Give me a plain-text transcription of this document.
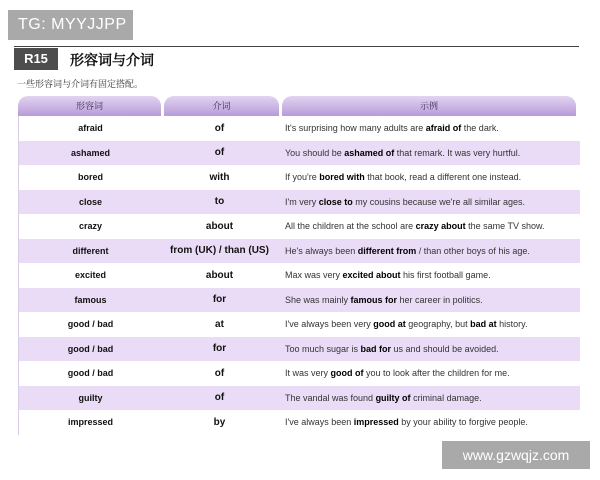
TG: MYYJJPP
R15	形容词与介词
一些形容词与介词有固定搭配。
形容词	介词	示例
afraid	of	It's surprising how many adults are afraid of the dark.
ashamed	of	You should be ashamed of that remark. It was very hurtful.
bored	with	If you're bored with that book, read a different one instead.
close	to	I'm very close to my cousins because we're all similar ages.
crazy	about	All the children at the school are crazy about the same TV show.
different	from (UK) / than (US)	He's always been different from / than other boys of his age.
excited	about	Max was very excited about his first football game.
famous	for	She was mainly famous for her career in politics.
good / bad	at	I've always been very good at geography, but bad at history.
good / bad	for	Too much sugar is bad for us and should be avoided.
good / bad	of	It was very good of you to look after the children for me.
guilty	of	The vandal was found guilty of criminal damage.
impressed	by	I've always been impressed by your ability to forgive people.
www.gzwqjz.com
